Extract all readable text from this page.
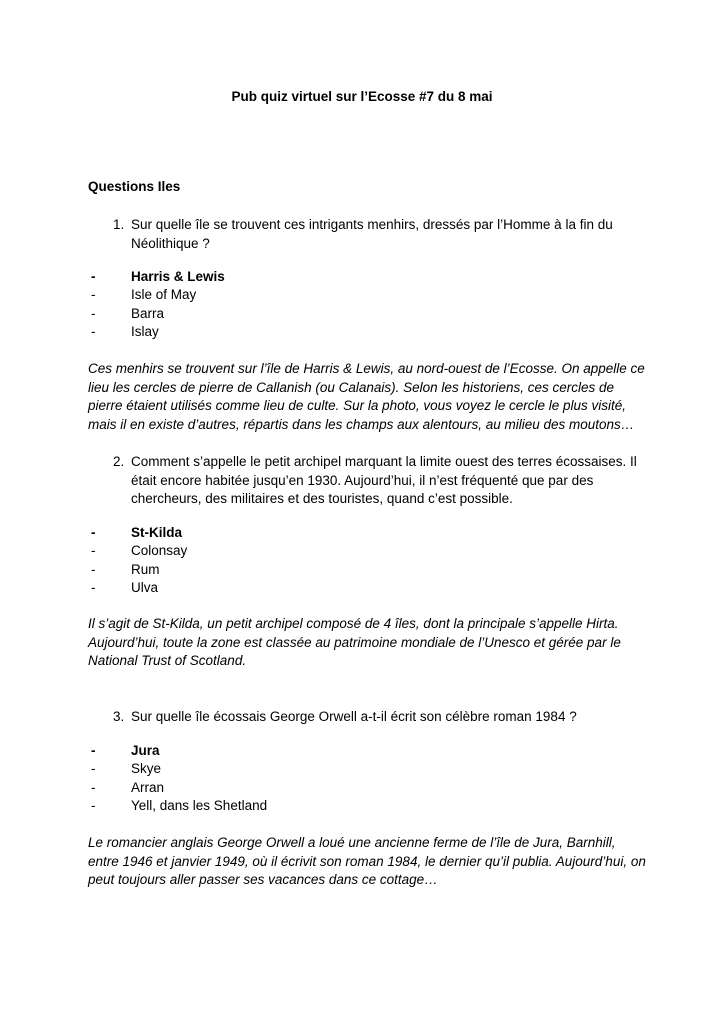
Pub quiz virtuel sur l’Ecosse #7 du 8 mai
Questions Iles
1. Sur quelle île se trouvent ces intrigants menhirs, dressés par l’Homme à la fin du Néolithique ?
-	Harris & Lewis
-	Isle of May
-	Barra
-	Islay
Ces menhirs se trouvent sur l’île de Harris & Lewis, au nord-ouest de l’Ecosse. On appelle ce lieu les cercles de pierre de Callanish (ou Calanais). Selon les historiens, ces cercles de pierre étaient utilisés comme lieu de culte. Sur la photo, vous voyez le cercle le plus visité, mais il en existe d’autres, répartis dans les champs aux alentours, au milieu des moutons…
2. Comment s’appelle le petit archipel marquant la limite ouest des terres écossaises. Il était encore habitée jusqu’en 1930. Aujourd’hui, il n’est fréquenté que par des chercheurs, des militaires et des touristes, quand c’est possible.
-	St-Kilda
-	Colonsay
-	Rum
-	Ulva
Il s’agit de St-Kilda, un petit archipel composé de 4 îles, dont la principale s’appelle Hirta. Aujourd’hui, toute la zone est classée au patrimoine mondiale de l’Unesco et gérée par le National Trust of Scotland.
3. Sur quelle île écossais George Orwell a-t-il écrit son célèbre roman 1984 ?
-	Jura
-	Skye
-	Arran
-	Yell, dans les Shetland
Le romancier anglais George Orwell a loué une ancienne ferme de l’île de Jura, Barnhill, entre 1946 et janvier 1949, où il écrivit son roman 1984, le dernier qu’il publia. Aujourd’hui, on peut toujours aller passer ses vacances dans ce cottage…
